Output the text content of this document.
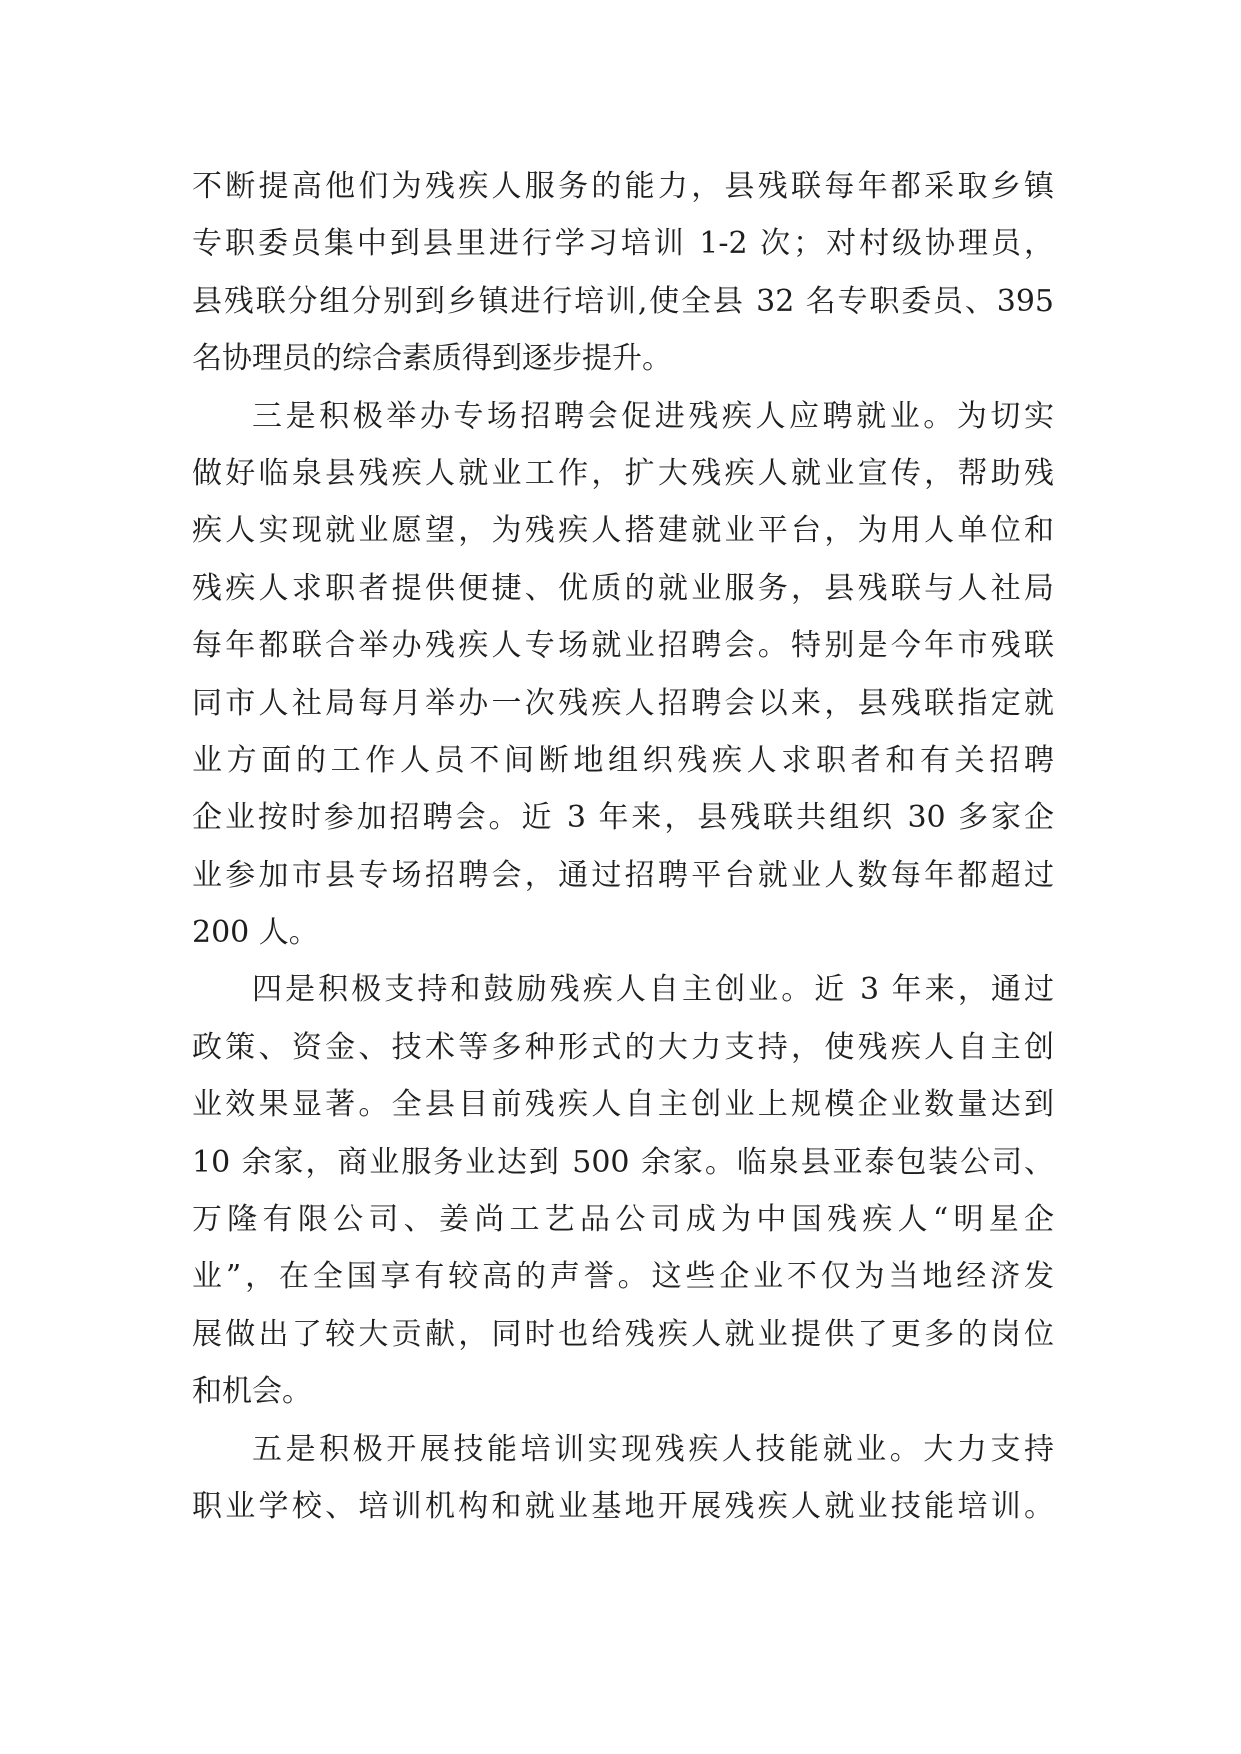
不断提高他们为残疾人服务的能力，县残联每年都采取乡镇
专职委员集中到县里进行学习培训 1-2 次；对村级协理员，
县残联分组分别到乡镇进行培训,使全县 32 名专职委员、395
名协理员的综合素质得到逐步提升。
三是积极举办专场招聘会促进残疾人应聘就业。为切实
做好临泉县残疾人就业工作，扩大残疾人就业宣传，帮助残
疾人实现就业愿望，为残疾人搭建就业平台，为用人单位和
残疾人求职者提供便捷、优质的就业服务，县残联与人社局
每年都联合举办残疾人专场就业招聘会。特别是今年市残联
同市人社局每月举办一次残疾人招聘会以来，县残联指定就
业方面的工作人员不间断地组织残疾人求职者和有关招聘
企业按时参加招聘会。近 3 年来，县残联共组织 30 多家企
业参加市县专场招聘会，通过招聘平台就业人数每年都超过
200 人。
四是积极支持和鼓励残疾人自主创业。近 3 年来，通过
政策、资金、技术等多种形式的大力支持，使残疾人自主创
业效果显著。全县目前残疾人自主创业上规模企业数量达到
10 余家，商业服务业达到 500 余家。临泉县亚泰包装公司、
万隆有限公司、姜尚工艺品公司成为中国残疾人“明星企
业”，在全国享有较高的声誉。这些企业不仅为当地经济发
展做出了较大贡献，同时也给残疾人就业提供了更多的岗位
和机会。
五是积极开展技能培训实现残疾人技能就业。大力支持
职业学校、培训机构和就业基地开展残疾人就业技能培训。
